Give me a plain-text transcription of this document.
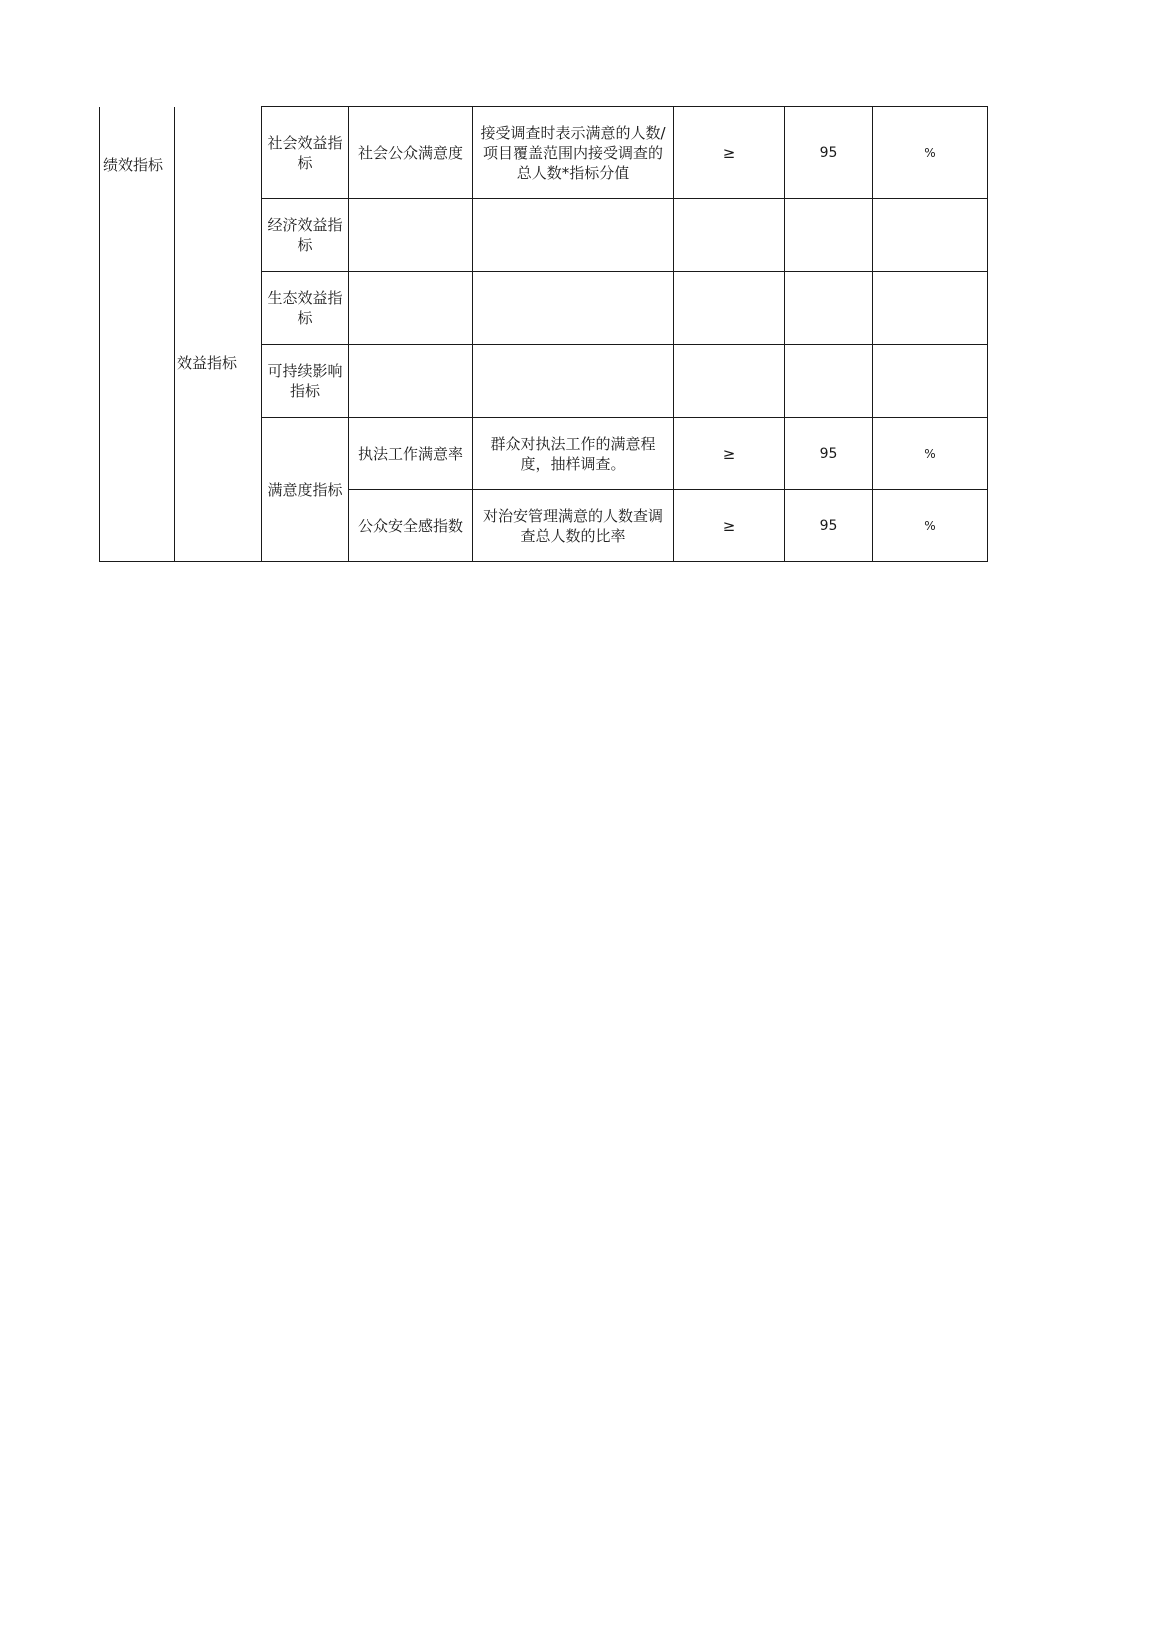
绩效指标	效益指标	社会效益指标	社会公众满意度	接受调查时表示满意的人数/项目覆盖范围内接受调查的总人数*指标分值	≥	95	%
		经济效益指标					
		生态效益指标					
		可持续影响指标					
		满意度指标	执法工作满意率	群众对执法工作的满意程度，抽样调查。	≥	95	%
			公众安全感指数	对治安管理满意的人数查调查总人数的比率	≥	95	%
